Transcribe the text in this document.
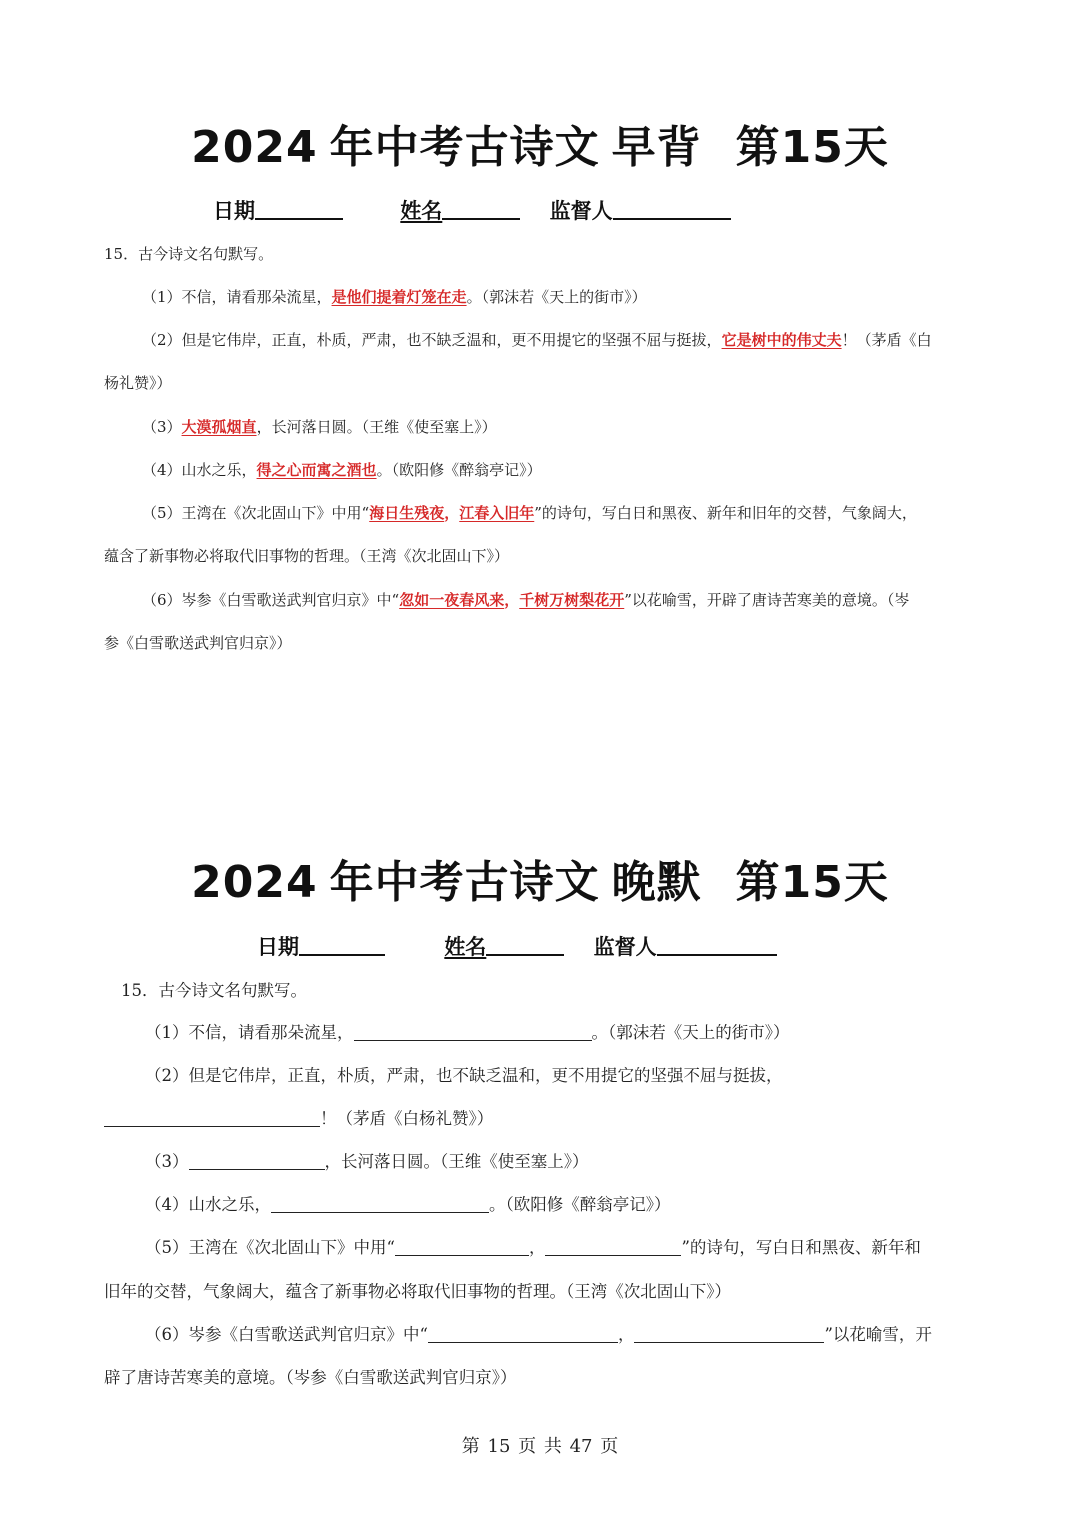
2024 年中考古诗文 早背 第15天
日期	姓名	监督人
15．古今诗文名句默写。
（1）不信，请看那朵流星，是他们提着灯笼在走。（郭沫若《天上的街市》）
（2）但是它伟岸，正直，朴质，严肃，也不缺乏温和，更不用提它的坚强不屈与挺拔，它是树中的伟丈夫！（茅盾《白
杨礼赞》）
（3）大漠孤烟直，长河落日圆。（王维《使至塞上》）
（4）山水之乐，得之心而寓之酒也。（欧阳修《醉翁亭记》）
（5）王湾在《次北固山下》中用“海日生残夜，江春入旧年”的诗句，写白日和黑夜、新年和旧年的交替，气象阔大，
蕴含了新事物必将取代旧事物的哲理。（王湾《次北固山下》）
（6）岑参《白雪歌送武判官归京》中“忽如一夜春风来，千树万树梨花开”以花喻雪，开辟了唐诗苦寒美的意境。（岑
参《白雪歌送武判官归京》）
2024 年中考古诗文 晚默 第15天
日期	姓名	监督人
15．古今诗文名句默写。
（1）不信，请看那朵流星，	。（郭沫若《天上的街市》）
（2）但是它伟岸，正直，朴质，严肃，也不缺乏温和，更不用提它的坚强不屈与挺拔，
！（茅盾《白杨礼赞》）
（3）	，长河落日圆。（王维《使至塞上》）
（4）山水之乐，	。（欧阳修《醉翁亭记》）
（5）王湾在《次北固山下》中用“	，	”的诗句，写白日和黑夜、新年和
旧年的交替，气象阔大，蕴含了新事物必将取代旧事物的哲理。（王湾《次北固山下》）
（6）岑参《白雪歌送武判官归京》中“	，	”以花喻雪，开
辟了唐诗苦寒美的意境。（岑参《白雪歌送武判官归京》）
第 15 页 共 47 页
